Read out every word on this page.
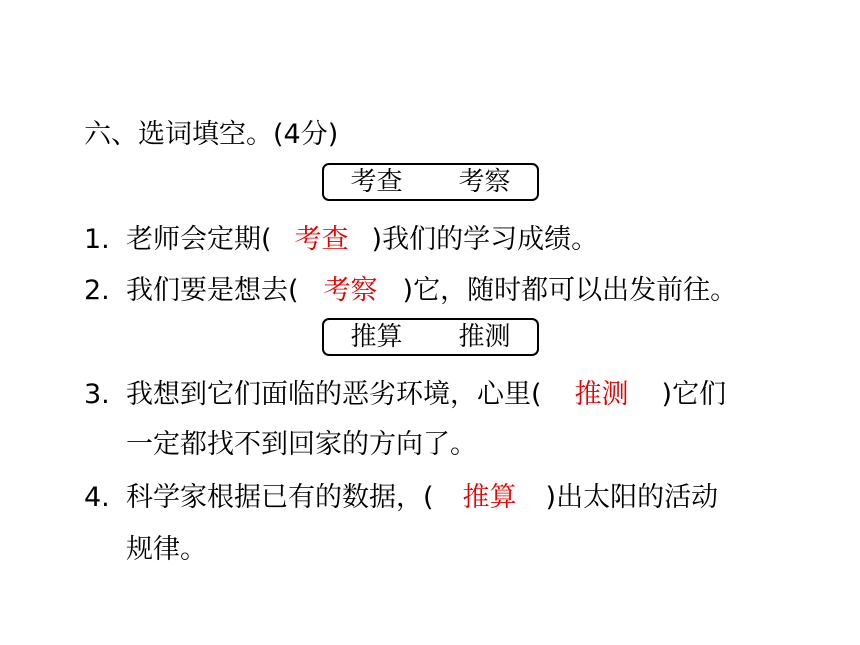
六、选词填空。(4分)
考查 考察
1. 老师会定期( 考查 )我们的学习成绩。
2. 我们要是想去( 考察 )它，随时都可以出发前往。
推算 推测
3. 我想到它们面临的恶劣环境，心里( 推测 )它们
一定都找不到回家的方向了。
4. 科学家根据已有的数据，( 推算 )出太阳的活动
规律。
